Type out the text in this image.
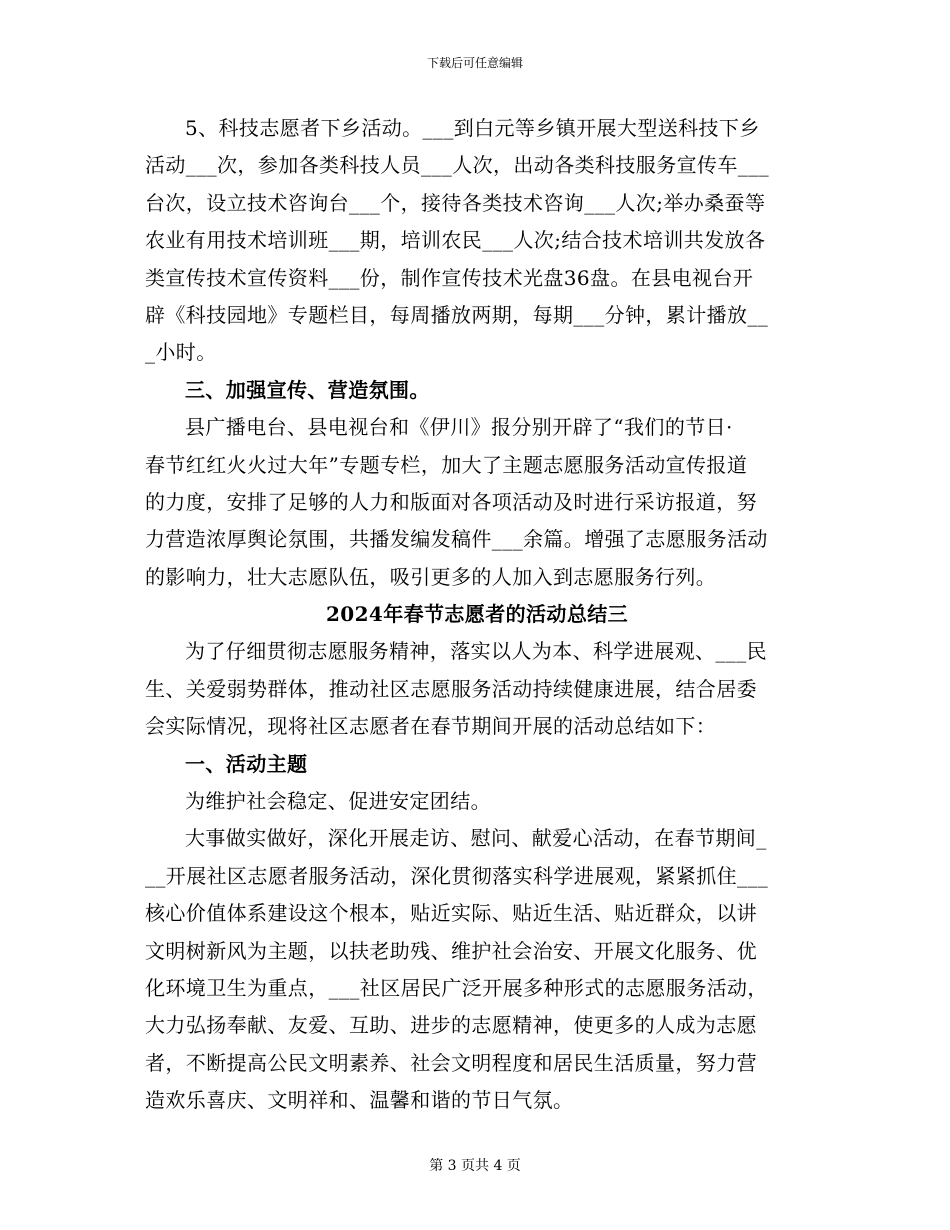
下载后可任意编辑
5、科技志愿者下乡活动。___到白元等乡镇开展大型送科技下乡
活动___次，参加各类科技人员___人次，出动各类科技服务宣传车___
台次，设立技术咨询台___个，接待各类技术咨询___人次;举办桑蚕等
农业有用技术培训班___期，培训农民___人次;结合技术培训共发放各
类宣传技术宣传资料___份，制作宣传技术光盘36盘。在县电视台开
辟《科技园地》专题栏目，每周播放两期，每期___分钟，累计播放__
_小时。
三、加强宣传、营造氛围。
县广播电台、县电视台和《伊川》报分别开辟了“我们的节日·
春节红红火火过大年”专题专栏，加大了主题志愿服务活动宣传报道
的力度，安排了足够的人力和版面对各项活动及时进行采访报道，努
力营造浓厚舆论氛围，共播发编发稿件___余篇。增强了志愿服务活动
的影响力，壮大志愿队伍，吸引更多的人加入到志愿服务行列。
2024年春节志愿者的活动总结三
为了仔细贯彻志愿服务精神，落实以人为本、科学进展观、___民
生、关爱弱势群体，推动社区志愿服务活动持续健康进展，结合居委
会实际情况，现将社区志愿者在春节期间开展的活动总结如下：
一、活动主题
为维护社会稳定、促进安定团结。
大事做实做好，深化开展走访、慰问、献爱心活动，在春节期间_
__开展社区志愿者服务活动，深化贯彻落实科学进展观，紧紧抓住___
核心价值体系建设这个根本，贴近实际、贴近生活、贴近群众，以讲
文明树新风为主题，以扶老助残、维护社会治安、开展文化服务、优
化环境卫生为重点，___社区居民广泛开展多种形式的志愿服务活动，
大力弘扬奉献、友爱、互助、进步的志愿精神，使更多的人成为志愿
者，不断提高公民文明素养、社会文明程度和居民生活质量，努力营
造欢乐喜庆、文明祥和、温馨和谐的节日气氛。
第 3 页共 4 页
